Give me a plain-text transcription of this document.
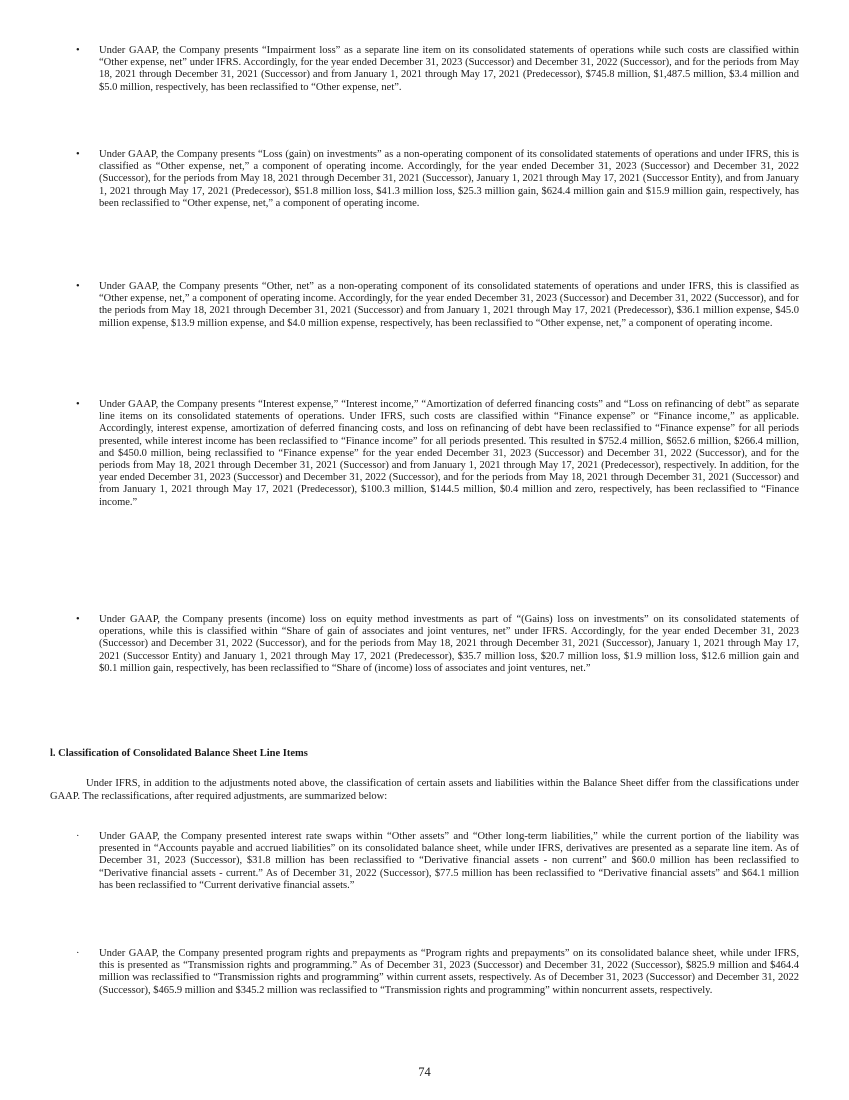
• Under GAAP, the Company presents “Impairment loss” as a separate line item on its consolidated statements of operations while such costs are classified within “Other expense, net” under IFRS. Accordingly, for the year ended December 31, 2023 (Successor) and December 31, 2022 (Successor), and for the periods from May 18, 2021 through December 31, 2021 (Successor) and from January 1, 2021 through May 17, 2021 (Predecessor), $745.8 million, $1,487.5 million, $3.4 million and $5.0 million, respectively, has been reclassified to “Other expense, net”.
• Under GAAP, the Company presents “Loss (gain) on investments” as a non-operating component of its consolidated statements of operations and under IFRS, this is classified as “Other expense, net,” a component of operating income. Accordingly, for the year ended December 31, 2023 (Successor) and December 31, 2022 (Successor), for the periods from May 18, 2021 through December 31, 2021 (Successor), January 1, 2021 through May 17, 2021 (Successor Entity), and from January 1, 2021 through May 17, 2021 (Predecessor), $51.8 million loss, $41.3 million loss, $25.3 million gain, $624.4 million gain and $15.9 million gain, respectively, has been reclassified to “Other expense, net,” a component of operating income.
• Under GAAP, the Company presents “Other, net” as a non-operating component of its consolidated statements of operations and under IFRS, this is classified as “Other expense, net,” a component of operating income. Accordingly, for the year ended December 31, 2023 (Successor) and December 31, 2022 (Successor), and for the periods from May 18, 2021 through December 31, 2021 (Successor) and from January 1, 2021 through May 17, 2021 (Predecessor), $36.1 million expense, $45.0 million expense, $13.9 million expense, and $4.0 million expense, respectively, has been reclassified to “Other expense, net,” a component of operating income.
• Under GAAP, the Company presents “Interest expense,” “Interest income,” “Amortization of deferred financing costs” and “Loss on refinancing of debt” as separate line items on its consolidated statements of operations. Under IFRS, such costs are classified within “Finance expense” or “Finance income,” as applicable. Accordingly, interest expense, amortization of deferred financing costs, and loss on refinancing of debt have been reclassified to “Finance expense” for all periods presented, while interest income has been reclassified to “Finance income” for all periods presented. This resulted in $752.4 million, $652.6 million, $266.4 million, and $450.0 million, being reclassified to “Finance expense” for the year ended December 31, 2023 (Successor) and December 31, 2022 (Successor), and for the periods from May 18, 2021 through December 31, 2021 (Successor) and from January 1, 2021 through May 17, 2021 (Predecessor), respectively. In addition, for the year ended December 31, 2023 (Successor) and December 31, 2022 (Successor), and for the periods from May 18, 2021 through December 31, 2021 (Successor) and from January 1, 2021 through May 17, 2021 (Predecessor), $100.3 million, $144.5 million, $0.4 million and zero, respectively, has been reclassified to “Finance income.”
• Under GAAP, the Company presents (income) loss on equity method investments as part of “(Gains) loss on investments” on its consolidated statements of operations, while this is classified within “Share of gain of associates and joint ventures, net” under IFRS. Accordingly, for the year ended December 31, 2023 (Successor) and December 31, 2022 (Successor), and for the periods from May 18, 2021 through December 31, 2021 (Successor), January 1, 2021 through May 17, 2021 (Successor Entity) and January 1, 2021 through May 17, 2021 (Predecessor), $35.7 million loss, $20.7 million loss, $1.9 million loss, $12.6 million gain and $0.1 million gain, respectively, has been reclassified to “Share of (income) loss of associates and joint ventures, net.”
l. Classification of Consolidated Balance Sheet Line Items
Under IFRS, in addition to the adjustments noted above, the classification of certain assets and liabilities within the Balance Sheet differ from the classifications under GAAP. The reclassifications, after required adjustments, are summarized below:
· Under GAAP, the Company presented interest rate swaps within “Other assets” and “Other long-term liabilities,” while the current portion of the liability was presented in “Accounts payable and accrued liabilities” on its consolidated balance sheet, while under IFRS, derivatives are presented as a separate line item. As of December 31, 2023 (Successor), $31.8 million has been reclassified to “Derivative financial assets - non current” and $60.0 million has been reclassified to “Derivative financial assets - current.” As of December 31, 2022 (Successor), $77.5 million has been reclassified to “Derivative financial assets” and $64.1 million has been reclassified to “Current derivative financial assets.”
· Under GAAP, the Company presented program rights and prepayments as “Program rights and prepayments” on its consolidated balance sheet, while under IFRS, this is presented as “Transmission rights and programming.” As of December 31, 2023 (Successor) and December 31, 2022 (Successor), $825.9 million and $464.4 million was reclassified to “Transmission rights and programming” within current assets, respectively. As of December 31, 2023 (Successor) and December 31, 2022 (Successor), $465.9 million and $345.2 million was reclassified to “Transmission rights and programming” within noncurrent assets, respectively.
74
